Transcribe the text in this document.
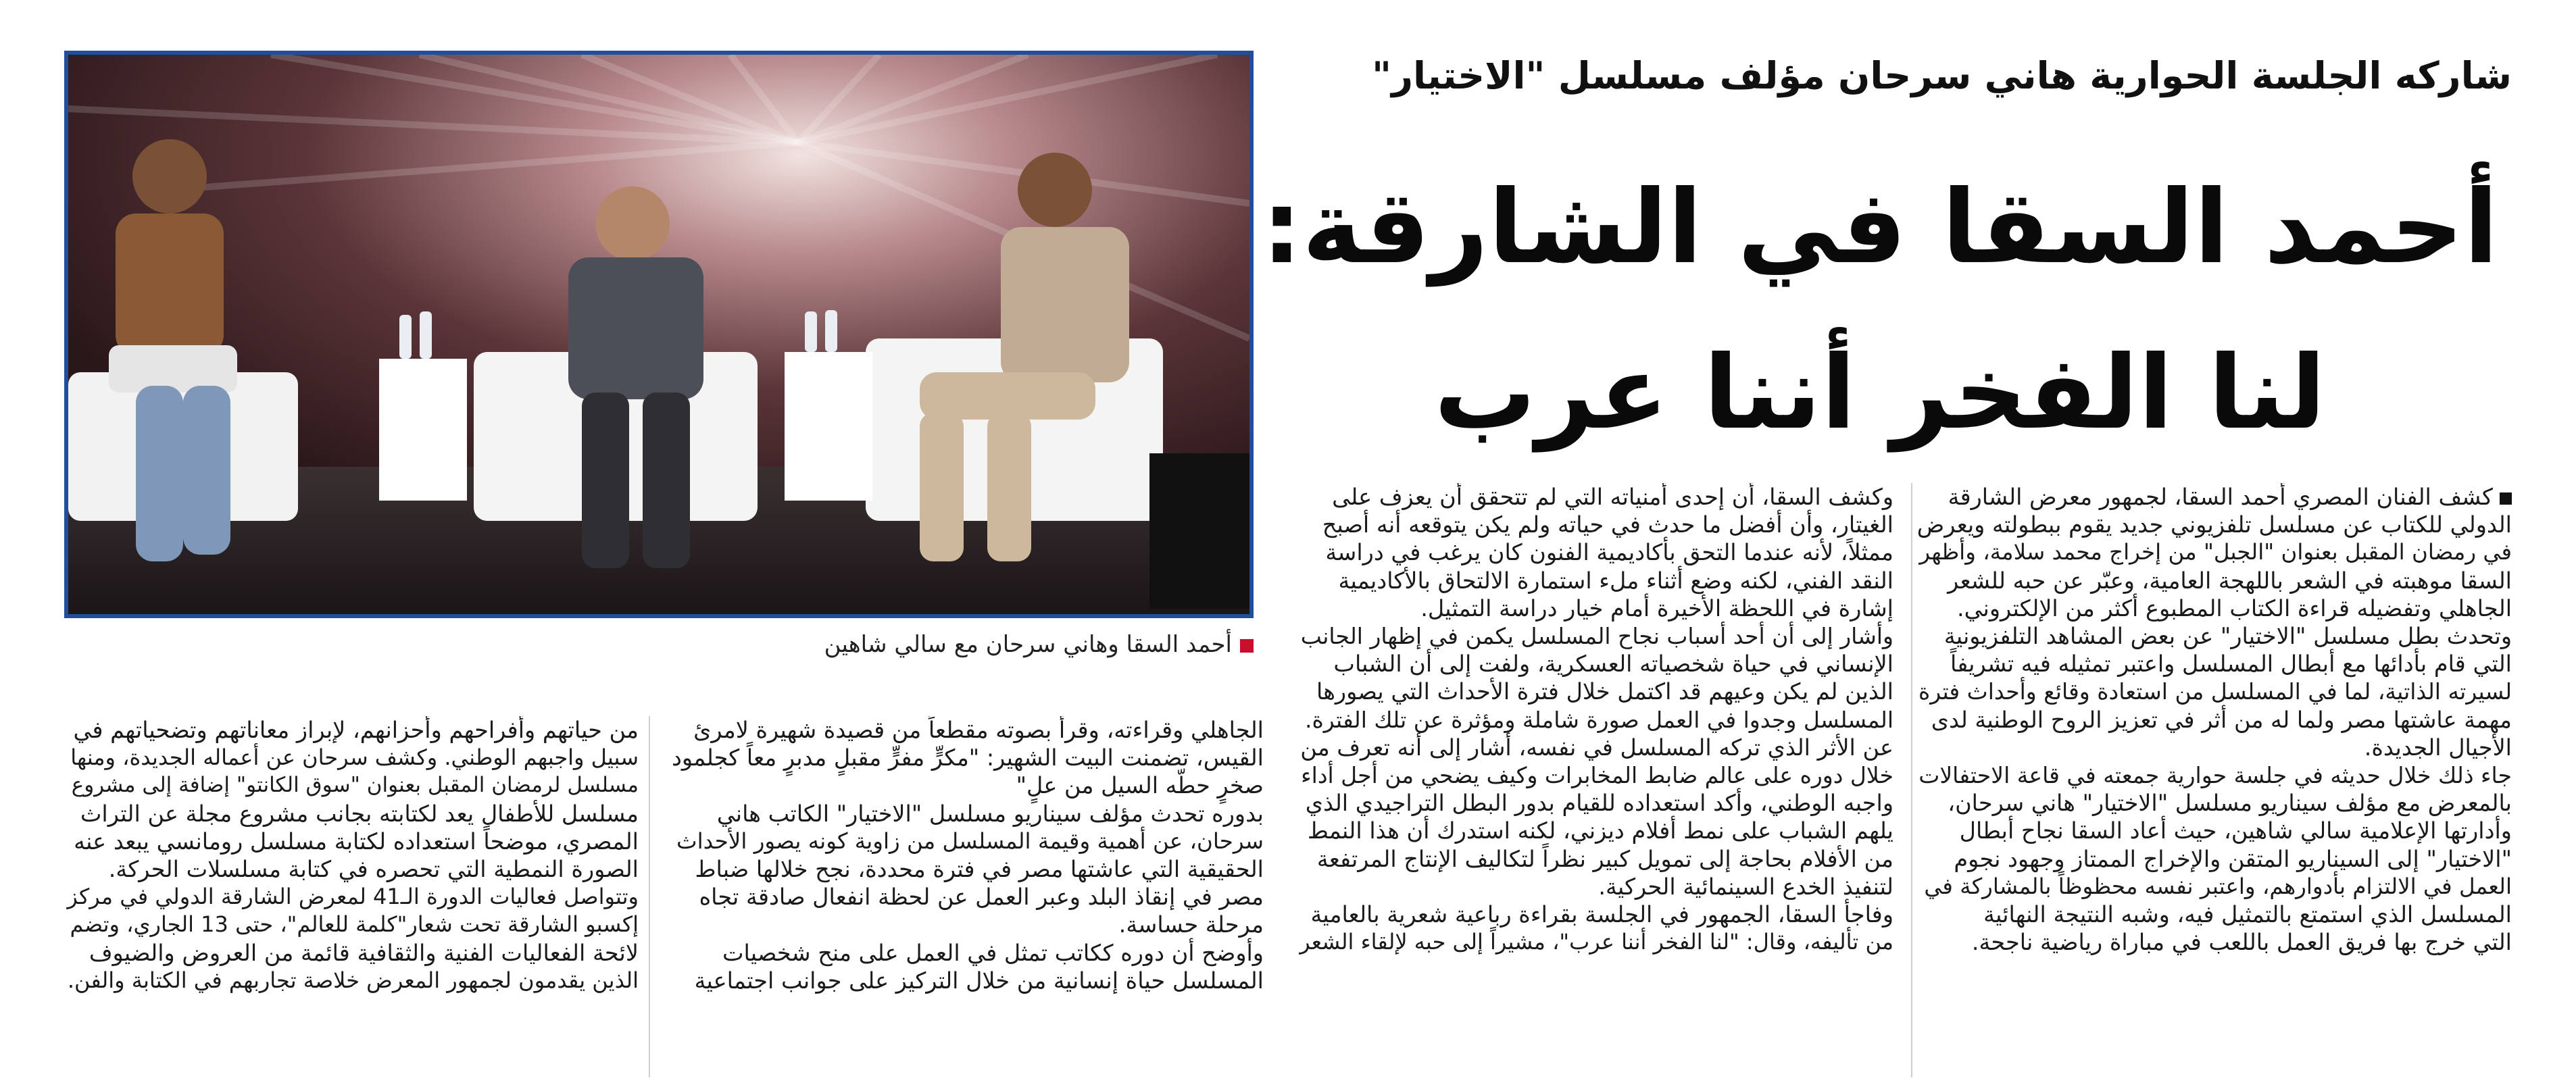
شاركه الجلسة الحوارية هاني سرحان مؤلف مسلسل "الاختيار"
أحمد السقا في الشارقة:
لنا الفخر أننا عرب
أحمد السقا وهاني سرحان مع سالي شاهين

كشف الفنان المصري أحمد السقا، لجمهور معرض الشارقة

الدولي للكتاب عن مسلسل تلفزيوني جديد يقوم ببطولته ويعرض

في رمضان المقبل بعنوان "الجبل" من إخراج محمد سلامة، وأظهر

السقا موهبته في الشعر باللهجة العامية، وعبّر عن حبه للشعر

الجاهلي وتفضيله قراءة الكتاب المطبوع أكثر من الإلكتروني.

وتحدث بطل مسلسل "الاختيار" عن بعض المشاهد التلفزيونية

التي قام بأدائها مع أبطال المسلسل واعتبر تمثيله فيه تشريفاً

لسيرته الذاتية، لما في المسلسل من استعادة وقائع وأحداث فترة

مهمة عاشتها مصر ولما له من أثر في تعزيز الروح الوطنية لدى

الأجيال الجديدة.

جاء ذلك خلال حديثه في جلسة حوارية جمعته في قاعة الاحتفالات

بالمعرض مع مؤلف سيناريو مسلسل "الاختيار" هاني سرحان،

وأدارتها الإعلامية سالي شاهين، حيث أعاد السقا نجاح أبطال

"الاختيار" إلى السيناريو المتقن والإخراج الممتاز وجهود نجوم

العمل في الالتزام بأدوارهم، واعتبر نفسه محظوظاً بالمشاركة في

المسلسل الذي استمتع بالتمثيل فيه، وشبه النتيجة النهائية

التي خرج بها فريق العمل باللعب في مباراة رياضية ناجحة.

وكشف السقا، أن إحدى أمنياته التي لم تتحقق أن يعزف على

الغيتار، وأن أفضل ما حدث في حياته ولم يكن يتوقعه أنه أصبح

ممثلاً، لأنه عندما التحق بأكاديمية الفنون كان يرغب في دراسة

النقد الفني، لكنه وضع أثناء ملء استمارة الالتحاق بالأكاديمية

إشارة في اللحظة الأخيرة أمام خيار دراسة التمثيل.

وأشار إلى أن أحد أسباب نجاح المسلسل يكمن في إظهار الجانب

الإنساني في حياة شخصياته العسكرية، ولفت إلى أن الشباب

الذين لم يكن وعيهم قد اكتمل خلال فترة الأحداث التي يصورها

المسلسل وجدوا في العمل صورة شاملة ومؤثرة عن تلك الفترة.

عن الأثر الذي تركه المسلسل في نفسه، أشار إلى أنه تعرف من

خلال دوره على عالم ضابط المخابرات وكيف يضحي من أجل أداء

واجبه الوطني، وأكد استعداده للقيام بدور البطل التراجيدي الذي

يلهم الشباب على نمط أفلام ديزني، لكنه استدرك أن هذا النمط

من الأفلام بحاجة إلى تمويل كبير نظراً لتكاليف الإنتاج المرتفعة

لتنفيذ الخدع السينمائية الحركية.

وفاجأ السقا، الجمهور في الجلسة بقراءة رباعية شعرية بالعامية

من تأليفه، وقال: "لنا الفخر أننا عرب"، مشيراً إلى حبه لإلقاء الشعر

الجاهلي وقراءته، وقرأ بصوته مقطعاً من قصيدة شهيرة لامرئ

القيس، تضمنت البيت الشهير: "مكرٍّ مفرٍّ مقبلٍ مدبرٍ معاً كجلمود

صخرٍ حطّه السيل من علٍ"

بدوره تحدث مؤلف سيناريو مسلسل "الاختيار" الكاتب هاني

سرحان، عن أهمية وقيمة المسلسل من زاوية كونه يصور الأحداث

الحقيقية التي عاشتها مصر في فترة محددة، نجح خلالها ضباط

مصر في إنقاذ البلد وعبر العمل عن لحظة انفعال صادقة تجاه

مرحلة حساسة.

وأوضح أن دوره ككاتب تمثل في العمل على منح شخصيات

المسلسل حياة إنسانية من خلال التركيز على جوانب اجتماعية

من حياتهم وأفراحهم وأحزانهم، لإبراز معاناتهم وتضحياتهم في

سبيل واجبهم الوطني. وكشف سرحان عن أعماله الجديدة، ومنها

مسلسل لرمضان المقبل بعنوان "سوق الكانتو" إضافة إلى مشروع

مسلسل للأطفال يعد لكتابته بجانب مشروع مجلة عن التراث

المصري، موضحاً استعداده لكتابة مسلسل رومانسي يبعد عنه

الصورة النمطية التي تحصره في كتابة مسلسلات الحركة.

وتتواصل فعاليات الدورة الـ41 لمعرض الشارقة الدولي في مركز

إكسبو الشارقة تحت شعار"كلمة للعالم"، حتى 13 الجاري، وتضم

لائحة الفعاليات الفنية والثقافية قائمة من العروض والضيوف

الذين يقدمون لجمهور المعرض خلاصة تجاربهم في الكتابة والفن.
